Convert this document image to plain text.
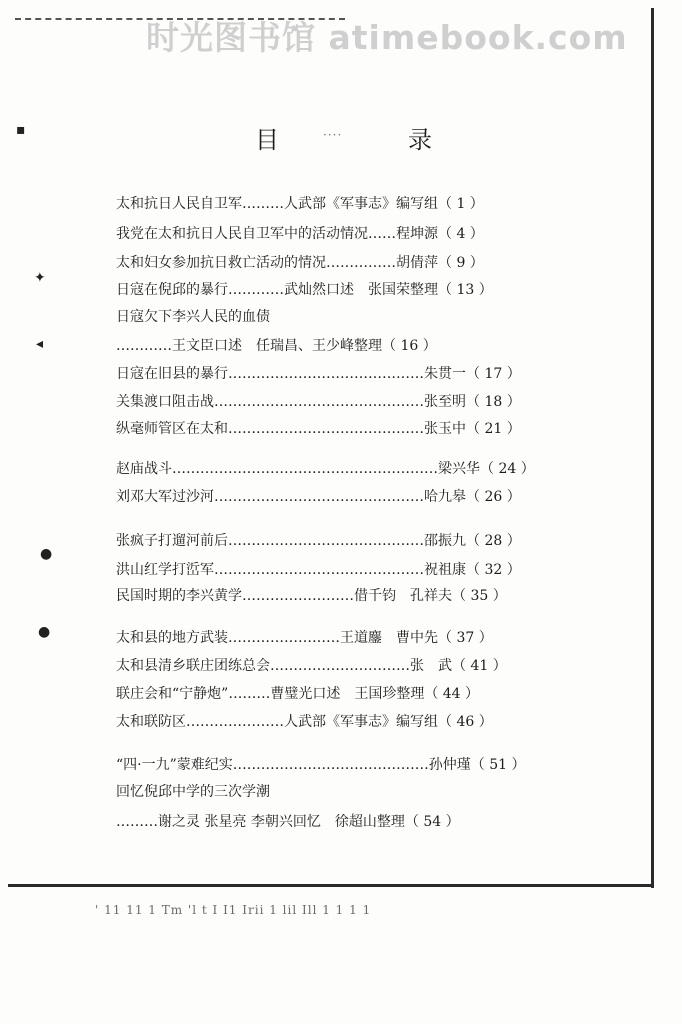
时光图书馆 atimebook.com
' 11 11 1 Tm 'l t I I1 Irii 1 lil Ill 1 1 1 1
▪
✦
◂
●
●
目	····	录
太和抗日人民自卫军………人武部《军事志》编写组（ 1 ）
我党在太和抗日人民自卫军中的活动情况……程坤源（ 4 ）
太和妇女参加抗日救亡活动的情况……………胡倩萍（ 9 ）
日寇在倪邱的暴行…………武灿然口述　张国荣整理（ 13 ）
日寇欠下李兴人民的血债
…………王文臣口述　任瑞昌、王少峰整理（ 16 ）
日寇在旧县的暴行……………………………………朱贯一（ 17 ）
关集渡口阻击战………………………………………张至明（ 18 ）
纵毫师管区在太和……………………………………张玉中（ 21 ）
赵庙战斗…………………………………………………梁兴华（ 24 ）
刘邓大军过沙河………………………………………哈九皋（ 26 ）
张疯子打遛河前后……………………………………邵振九（ 28 ）
洪山红学打峾军………………………………………祝祖康（ 32 ）
民国时期的李兴黄学……………………借千钧　孔祥夫（ 35 ）
太和县的地方武装……………………王道鏖　曹中先（ 37 ）
太和县清乡联庄团练总会…………………………张　武（ 41 ）
联庄会和“宁静炮”………曹璧光口述　王国珍整理（ 44 ）
太和联防区…………………人武部《军事志》编写组（ 46 ）
“四·一九”蒙难纪实……………………………………孙仲瑾（ 51 ）
回忆倪邱中学的三次学潮
………谢之灵 张星亮 李朝兴回忆　徐超山整理（ 54 ）
